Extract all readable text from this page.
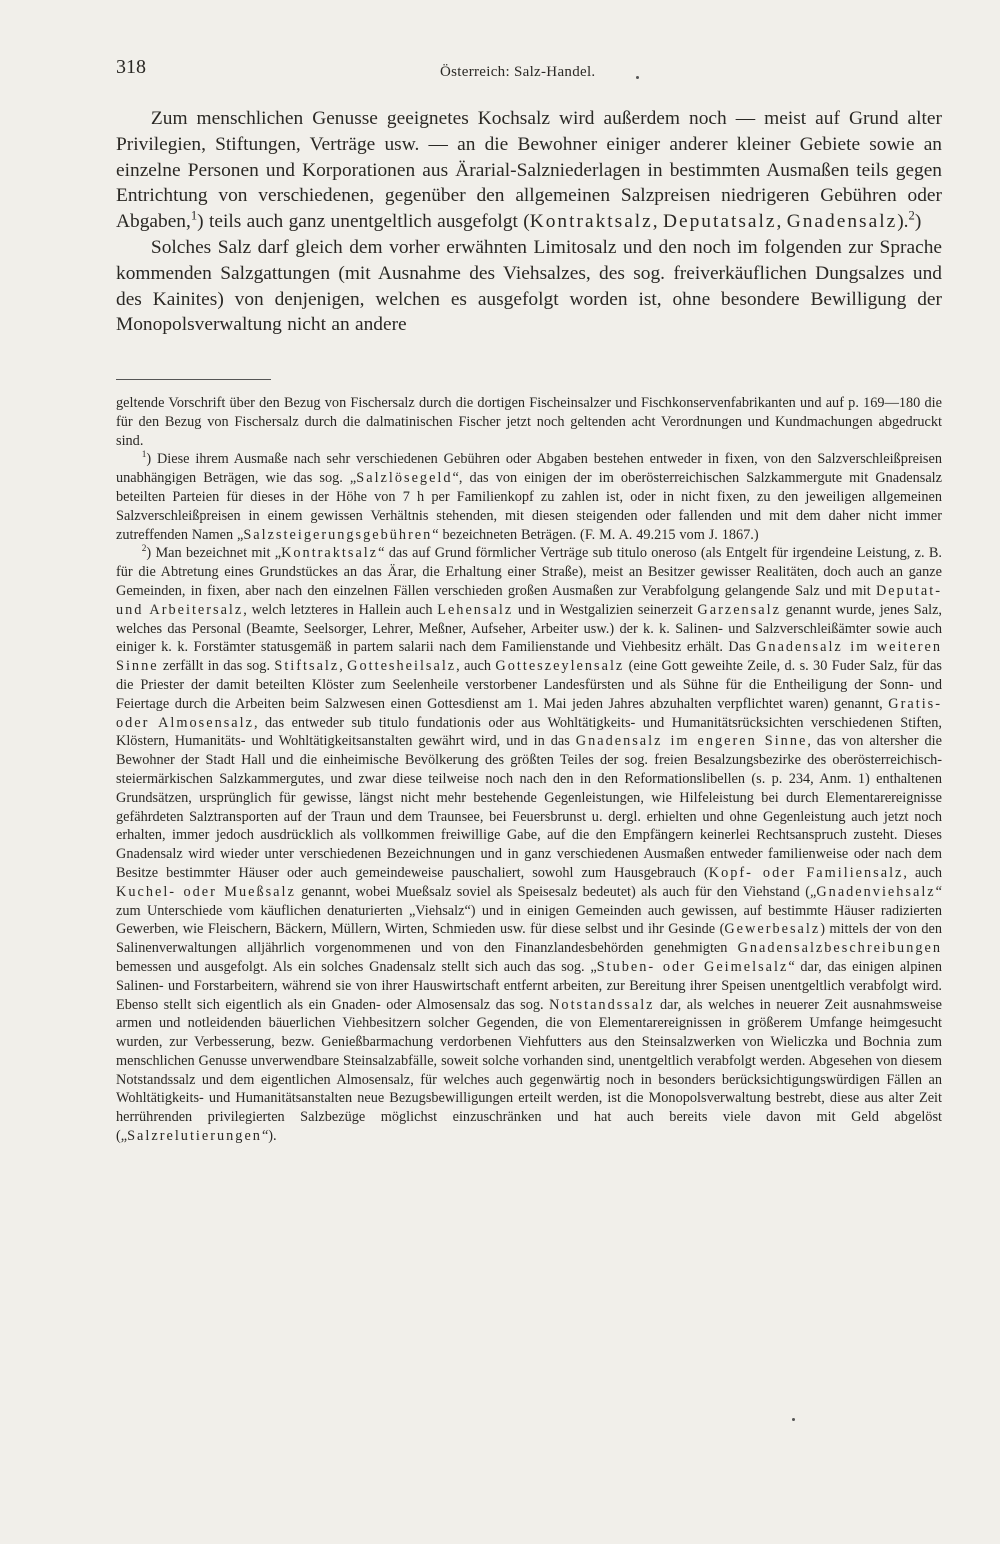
318	Österreich: Salz-Handel.

Zum menschlichen Genusse geeignetes Kochsalz wird außerdem noch — meist auf Grund alter Privilegien, Stiftungen, Verträge usw. — an die Bewohner einiger anderer kleiner Gebiete sowie an einzelne Personen und Korporationen aus Ärarial-Salzniederlagen in bestimmten Ausmaßen teils gegen Entrichtung von verschiedenen, gegenüber den allgemeinen Salzpreisen niedrigeren Gebühren oder Abgaben,$^1$) teils auch ganz unentgeltlich ausgefolgt (Kontraktsalz, Deputatsalz, Gnadensalz).$^2$)

Solches Salz darf gleich dem vorher erwähnten Limitosalz und den noch im folgenden zur Sprache kommenden Salzgattungen (mit Ausnahme des Viehsalzes, des sog. freiverkäuflichen Dungsalzes und des Kainites) von denjenigen, welchen es ausgefolgt worden ist, ohne besondere Bewilligung der Monopolsverwaltung nicht an andere

geltende Vorschrift über den Bezug von Fischersalz durch die dortigen Fischeinsalzer und Fischkonservenfabrikanten und auf p. 169—180 die für den Bezug von Fischersalz durch die dalmatinischen Fischer jetzt noch geltenden acht Verordnungen und Kundmachungen abgedruckt sind.

$^1$) Diese ihrem Ausmaße nach sehr verschiedenen Gebühren oder Abgaben bestehen entweder in fixen, von den Salzverschleißpreisen unabhängigen Beträgen, wie das sog. „Salzlösegeld“, das von einigen der im oberösterreichischen Salzkammergute mit Gnadensalz beteilten Parteien für dieses in der Höhe von 7 h per Familienkopf zu zahlen ist, oder in nicht fixen, zu den jeweiligen allgemeinen Salzverschleißpreisen in einem gewissen Verhältnis stehenden, mit diesen steigenden oder fallenden und mit dem daher nicht immer zutreffenden Namen „Salzsteigerungsgebühren“ bezeichneten Beträgen. (F. M. A. 49.215 vom J. 1867.)

$^2$) Man bezeichnet mit „Kontraktsalz“ das auf Grund förmlicher Verträge sub titulo oneroso (als Entgelt für irgendeine Leistung, z. B. für die Abtretung eines Grundstückes an das Ärar, die Erhaltung einer Straße), meist an Besitzer gewisser Realitäten, doch auch an ganze Gemeinden, in fixen, aber nach den einzelnen Fällen verschieden großen Ausmaßen zur Verabfolgung gelangende Salz und mit Deputat- und Arbeitersalz, welch letzteres in Hallein auch Lehensalz und in Westgalizien seinerzeit Garzensalz genannt wurde, jenes Salz, welches das Personal (Beamte, Seelsorger, Lehrer, Meßner, Aufseher, Arbeiter usw.) der k. k. Salinen- und Salzverschleißämter sowie auch einiger k. k. Forstämter statusgemäß in partem salarii nach dem Familienstande und Viehbesitz erhält. Das Gnadensalz im weiteren Sinne zerfällt in das sog. Stiftsalz, Gottesheilsalz, auch Gotteszeylensalz (eine Gott geweihte Zeile, d. s. 30 Fuder Salz, für das die Priester der damit beteilten Klöster zum Seelenheile verstorbener Landesfürsten und als Sühne für die Entheiligung der Sonn- und Feiertage durch die Arbeiten beim Salzwesen einen Gottesdienst am 1. Mai jeden Jahres abzuhalten verpflichtet waren) genannt, Gratis- oder Almosensalz, das entweder sub titulo fundationis oder aus Wohltätigkeits- und Humanitätsrücksichten verschiedenen Stiften, Klöstern, Humanitäts- und Wohltätigkeitsanstalten gewährt wird, und in das Gnadensalz im engeren Sinne, das von altersher die Bewohner der Stadt Hall und die einheimische Bevölkerung des größten Teiles der sog. freien Besalzungsbezirke des oberösterreichisch-steiermärkischen Salzkammergutes, und zwar diese teilweise noch nach den in den Reformationslibellen (s. p. 234, Anm. 1) enthaltenen Grundsätzen, ursprünglich für gewisse, längst nicht mehr bestehende Gegenleistungen, wie Hilfeleistung bei durch Elementarereignisse gefährdeten Salztransporten auf der Traun und dem Traunsee, bei Feuersbrunst u. dergl. erhielten und ohne Gegenleistung auch jetzt noch erhalten, immer jedoch ausdrücklich als vollkommen freiwillige Gabe, auf die den Empfängern keinerlei Rechtsanspruch zusteht. Dieses Gnadensalz wird wieder unter verschiedenen Bezeichnungen und in ganz verschiedenen Ausmaßen entweder familienweise oder nach dem Besitze bestimmter Häuser oder auch gemeindeweise pauschaliert, sowohl zum Hausgebrauch (Kopf- oder Familiensalz, auch Kuchel- oder Mueßsalz genannt, wobei Mueßsalz soviel als Speisesalz bedeutet) als auch für den Viehstand („Gnadenviehsalz“ zum Unterschiede vom käuflichen denaturierten „Viehsalz“) und in einigen Gemeinden auch gewissen, auf bestimmte Häuser radizierten Gewerben, wie Fleischern, Bäckern, Müllern, Wirten, Schmieden usw. für diese selbst und ihr Gesinde (Gewerbesalz) mittels der von den Salinenverwaltungen alljährlich vorgenommenen und von den Finanzlandesbehörden genehmigten Gnadensalzbeschreibungen bemessen und ausgefolgt. Als ein solches Gnadensalz stellt sich auch das sog. „Stuben- oder Geimelsalz“ dar, das einigen alpinen Salinen- und Forstarbeitern, während sie von ihrer Hauswirtschaft entfernt arbeiten, zur Bereitung ihrer Speisen unentgeltlich verabfolgt wird. Ebenso stellt sich eigentlich als ein Gnaden- oder Almosensalz das sog. Notstandssalz dar, als welches in neuerer Zeit ausnahmsweise armen und notleidenden bäuerlichen Viehbesitzern solcher Gegenden, die von Elementarereignissen in größerem Umfange heimgesucht wurden, zur Verbesserung, bezw. Genießbarmachung verdorbenen Viehfutters aus den Steinsalzwerken von Wieliczka und Bochnia zum menschlichen Genusse unverwendbare Steinsalzabfälle, soweit solche vorhanden sind, unentgeltlich verabfolgt werden. Abgesehen von diesem Notstandssalz und dem eigentlichen Almosensalz, für welches auch gegenwärtig noch in besonders berücksichtigungswürdigen Fällen an Wohltätigkeits- und Humanitätsanstalten neue Bezugsbewilligungen erteilt werden, ist die Monopolsverwaltung bestrebt, diese aus alter Zeit herrührenden privilegierten Salzbezüge möglichst einzuschränken und hat auch bereits viele davon mit Geld abgelöst („Salzrelutierungen“).
